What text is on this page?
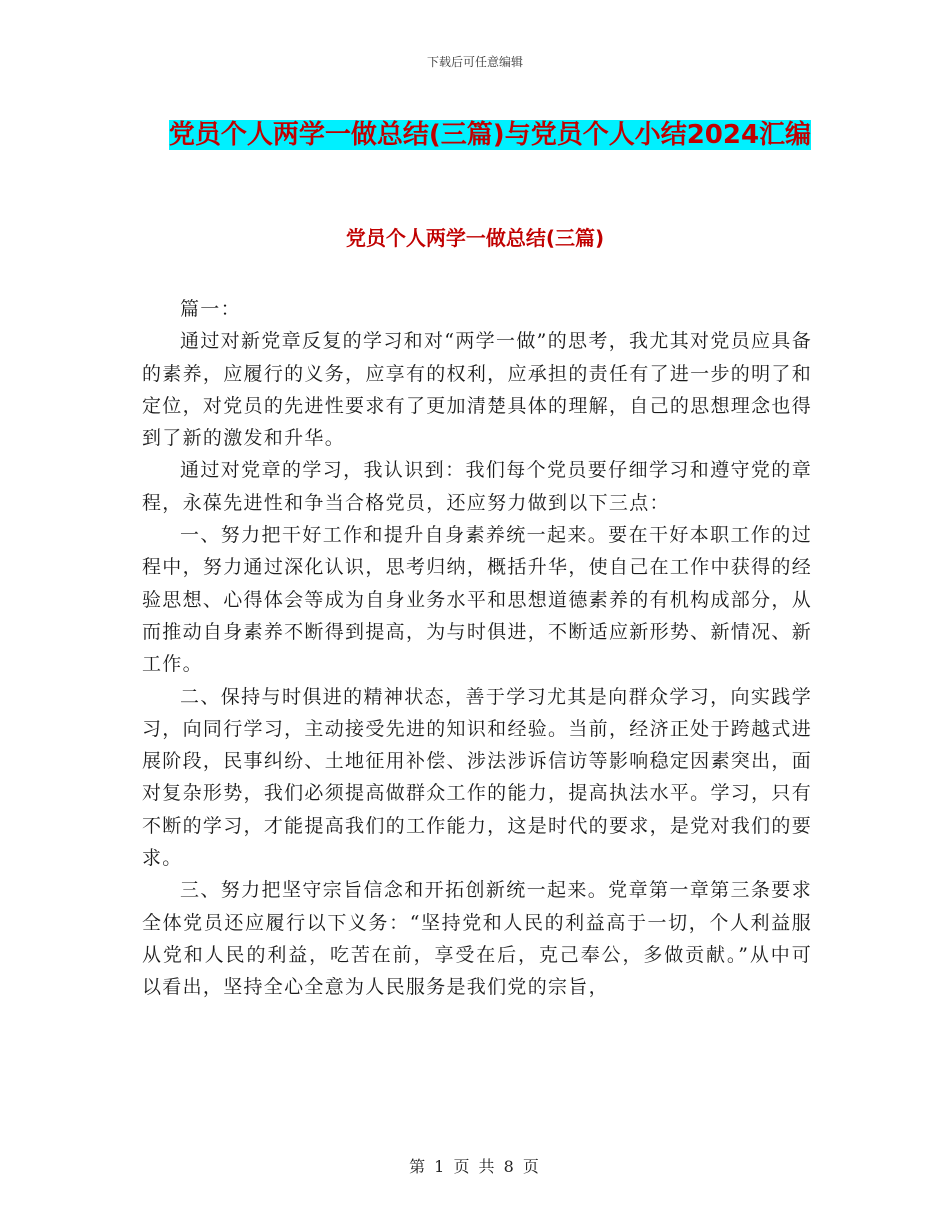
下载后可任意编辑
党员个人两学一做总结(三篇)与党员个人小结2024汇编
党员个人两学一做总结(三篇)

篇一：

通过对新党章反复的学习和对“两学一做”的思考，我尤其对党员应具备的素养，应履行的义务，应享有的权利，应承担的责任有了进一步的明了和定位，对党员的先进性要求有了更加清楚具体的理解，自己的思想理念也得到了新的激发和升华。

通过对党章的学习，我认识到：我们每个党员要仔细学习和遵守党的章程，永葆先进性和争当合格党员，还应努力做到以下三点：

一、努力把干好工作和提升自身素养统一起来。要在干好本职工作的过程中，努力通过深化认识，思考归纳，概括升华，使自己在工作中获得的经验思想、心得体会等成为自身业务水平和思想道德素养的有机构成部分，从而推动自身素养不断得到提高，为与时俱进，不断适应新形势、新情况、新工作。

二、保持与时俱进的精神状态，善于学习尤其是向群众学习，向实践学习，向同行学习，主动接受先进的知识和经验。当前，经济正处于跨越式进展阶段，民事纠纷、土地征用补偿、涉法涉诉信访等影响稳定因素突出，面对复杂形势，我们必须提高做群众工作的能力，提高执法水平。学习，只有不断的学习，才能提高我们的工作能力，这是时代的要求，是党对我们的要求。

三、努力把坚守宗旨信念和开拓创新统一起来。党章第一章第三条要求全体党员还应履行以下义务：“坚持党和人民的利益高于一切，个人利益服从党和人民的利益，吃苦在前，享受在后，克己奉公，多做贡献。”从中可以看出，坚持全心全意为人民服务是我们党的宗旨，

第 1 页 共 8 页
